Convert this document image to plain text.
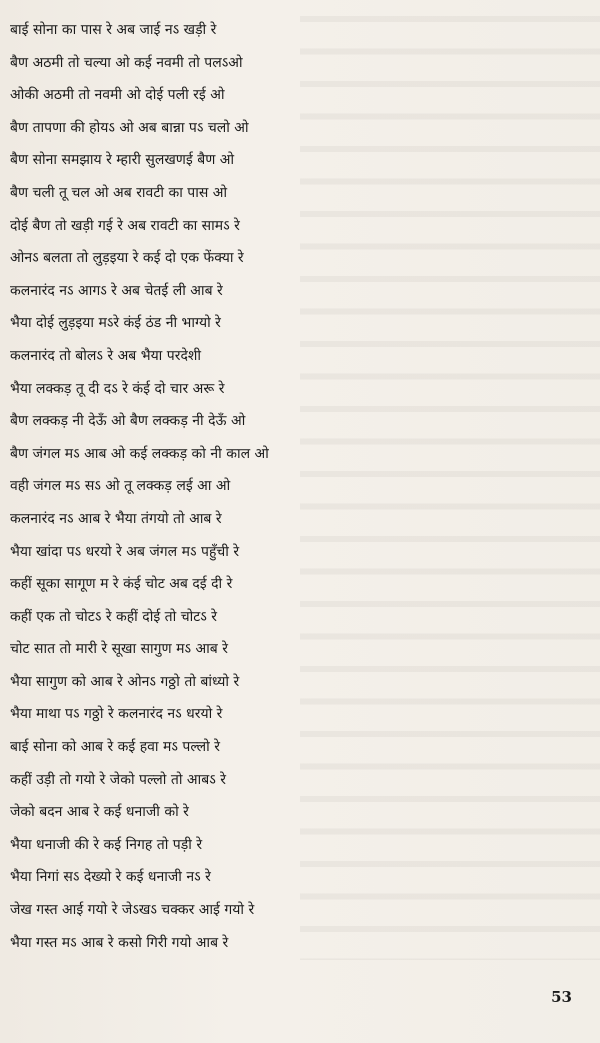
बाई सोना का पास रे अब जाई नऽ खड़ी रे
बैण अठमी तो चल्या ओ कई नवमी तो पलऽओ
ओकी अठमी तो नवमी ओ दोई पली रई ओ
बैण तापणा की होयऽ ओ अब बान्ना पऽ चलो ओ
बैण सोना समझाय रे म्हारी सुलखणई बैण ओ
बैण चली तू चल ओ अब रावटी का पास ओ
दोई बैण तो खड़ी गई रे अब रावटी का सामऽ रे
ओनऽ बलता तो लुड़इया रे कई दो एक फेंक्या रे
कलनारंद नऽ आगऽ रे अब चेतई ली आब रे
भैया दोई लुड़इया मऽरे कंई ठंड नी भाग्यो रे
कलनारंद तो बोलऽ रे अब भैया परदेशी
भैया लक्कड़ तू दी दऽ रे कंई दो चार अरू रे
बैण लक्कड़ नी देऊँ ओ बैण लक्कड़ नी देऊँ ओ
बैण जंगल मऽ आब ओ कई लक्कड़ को नी काल ओ
वही जंगल मऽ सऽ ओ तू लक्कड़ लई आ ओ
कलनारंद नऽ आब रे भैया तंगयो तो आब रे
भैया खांदा पऽ धरयो रे अब जंगल मऽ पहुँची रे
कहीं सूका सागूण म रे कंई चोट अब दई दी रे
कहीं एक तो चोटऽ रे कहीं दोई तो चोटऽ रे
चोट सात तो मारी रे सूखा सागुण मऽ आब रे
भैया सागुण को आब रे ओनऽ गठ्ठो तो बांध्यो रे
भैया माथा पऽ गठ्ठो रे कलनारंद नऽ धरयो रे
बाई सोना को आब रे कई हवा मऽ पल्लो रे
कहीं उड़ी तो गयो रे जेको पल्लो तो आबऽ रे
जेको बदन आब रे कई धनाजी को रे
भैया धनाजी की रे कई निगह तो पड़ी रे
भैया निगां सऽ देख्यो रे कई धनाजी नऽ रे
जेख गस्त आई गयो रे जेऽखऽ चक्कर आई गयो रे
भैया गस्त मऽ आब रे कसो गिरी गयो आब रे
53
